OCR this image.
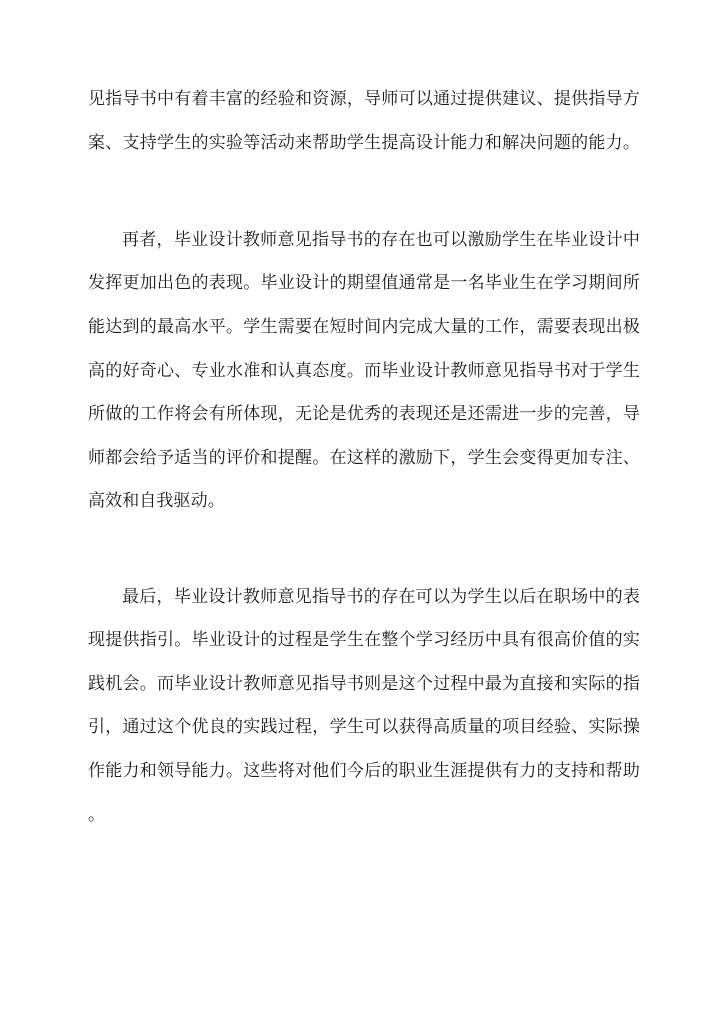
见指导书中有着丰富的经验和资源，导师可以通过提供建议、提供指导方
案、支持学生的实验等活动来帮助学生提高设计能力和解决问题的能力。
再者，毕业设计教师意见指导书的存在也可以激励学生在毕业设计中
发挥更加出色的表现。毕业设计的期望值通常是一名毕业生在学习期间所
能达到的最高水平。学生需要在短时间内完成大量的工作，需要表现出极
高的好奇心、专业水准和认真态度。而毕业设计教师意见指导书对于学生
所做的工作将会有所体现，无论是优秀的表现还是还需进一步的完善，导
师都会给予适当的评价和提醒。在这样的激励下，学生会变得更加专注、
高效和自我驱动。
最后，毕业设计教师意见指导书的存在可以为学生以后在职场中的表
现提供指引。毕业设计的过程是学生在整个学习经历中具有很高价值的实
践机会。而毕业设计教师意见指导书则是这个过程中最为直接和实际的指
引，通过这个优良的实践过程，学生可以获得高质量的项目经验、实际操
作能力和领导能力。这些将对他们今后的职业生涯提供有力的支持和帮助
。
